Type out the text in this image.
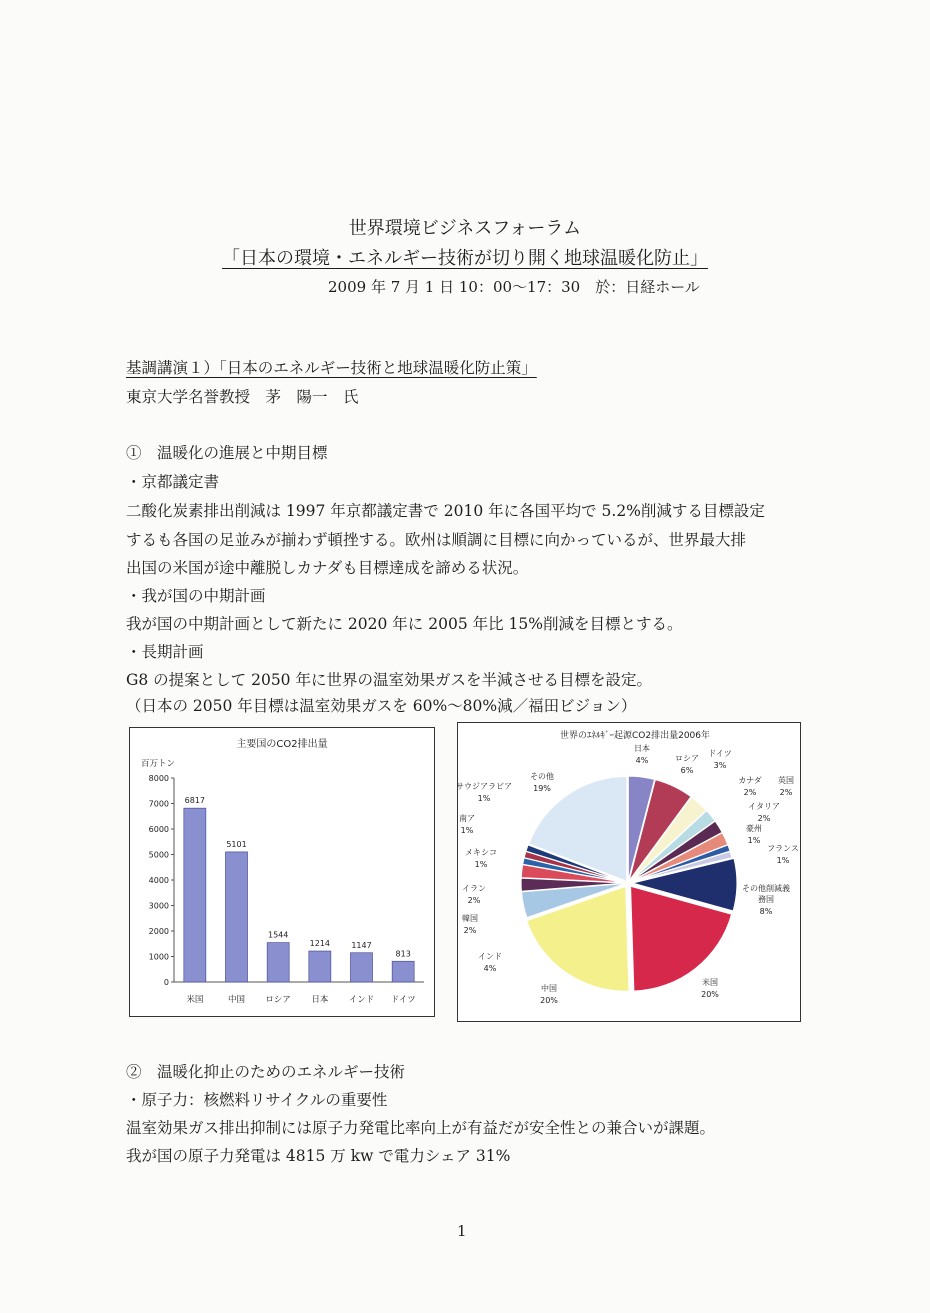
世界環境ビジネスフォーラム
「日本の環境・エネルギー技術が切り開く地球温暖化防止」
2009 年 7 月 1 日 10：00〜17：30　於：日経ホール
基調講演１）「日本のエネルギー技術と地球温暖化防止策」
東京大学名誉教授　茅　陽一　氏
①　温暖化の進展と中期目標
・京都議定書
二酸化炭素排出削減は 1997 年京都議定書で 2010 年に各国平均で 5.2%削減する目標設定
するも各国の足並みが揃わず頓挫する。欧州は順調に目標に向かっているが、世界最大排
出国の米国が途中離脱しカナダも目標達成を諦める状況。
・我が国の中期計画
我が国の中期計画として新たに 2020 年に 2005 年比 15%削減を目標とする。
・長期計画
G8 の提案として 2050 年に世界の温室効果ガスを半減させる目標を設定。
（日本の 2050 年目標は温室効果ガスを 60%〜80%減／福田ビジョン）
主要国のCO2排出量
百万トン
0
1000
2000
3000
4000
5000
6000
7000
8000
6817
米国
5101
中国
1544
ロシア
1214
日本
1147
インド
813
ドイツ
世界のｴﾈﾙｷﾞｰ起源CO2排出量2006年
日本
4%	ロシア
6%
ドイツ
3%
カナダ
2%
英国
2%
イタリア
2%
豪州
1%
フランス
1%
その他削減義
務国
8%
米国
20%
中国
20%
インド
4%
韓国
2%
イラン
2%
メキシコ
1%
南ア
1%
サウジアラビア
1%
その他
19%
②　温暖化抑止のためのエネルギー技術
・原子力：核燃料リサイクルの重要性
温室効果ガス排出抑制には原子力発電比率向上が有益だが安全性との兼合いが課題。
我が国の原子力発電は 4815 万 kw で電力シェア 31%
1
